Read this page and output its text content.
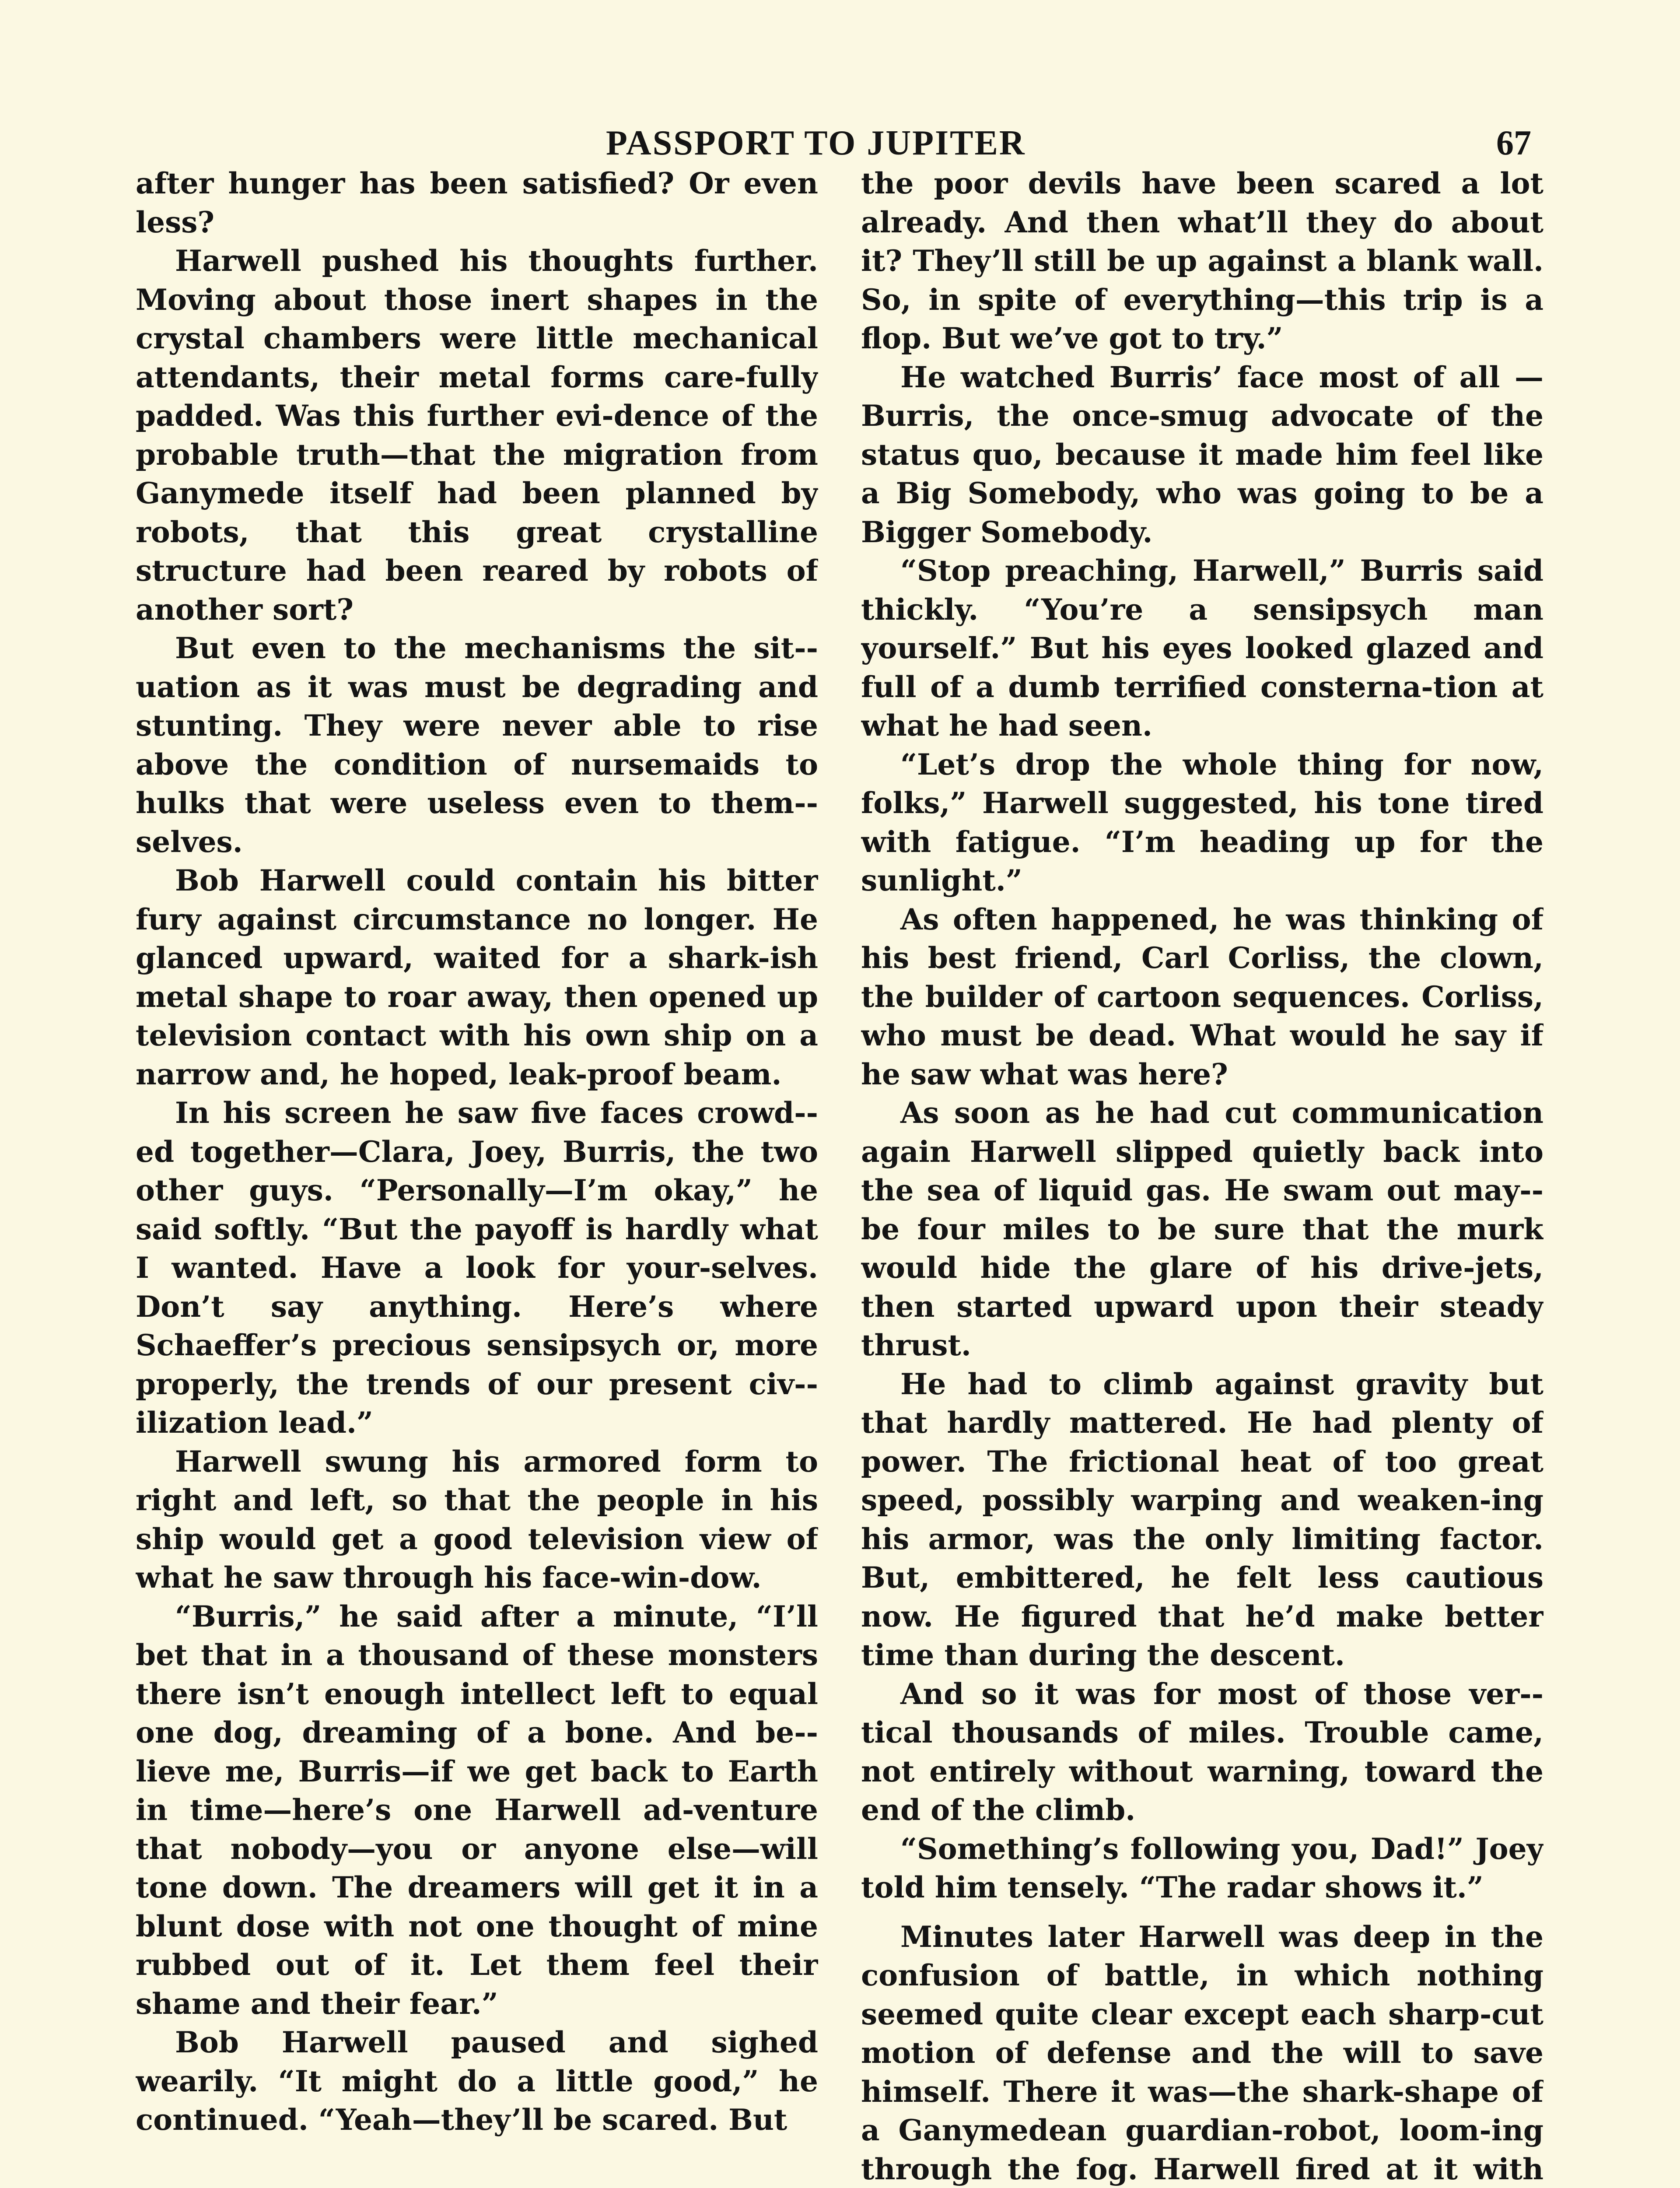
PASSPORT TO JUPITER	67

after hunger has been satisfied? Or even less?

Harwell pushed his thoughts further. Moving about those inert shapes in the crystal chambers were little mechanical attendants, their metal forms care-fully padded. Was this further evi-dence of the probable truth—that the migration from Ganymede itself had been planned by robots, that this great crystalline structure had been reared by robots of another sort?

But even to the mechanisms the sit-uation as it was must be degrading and stunting. They were never able to rise above the condition of nursemaids to hulks that were useless even to them-selves.

Bob Harwell could contain his bitter fury against circumstance no longer. He glanced upward, waited for a shark-ish metal shape to roar away, then opened up television contact with his own ship on a narrow and, he hoped, leak-proof beam.

In his screen he saw five faces crowd-ed together—Clara, Joey, Burris, the two other guys. “Personally—I’m okay,” he said softly. “But the payoff is hardly what I wanted. Have a look for your-selves. Don’t say anything. Here’s where Schaeffer’s precious sensipsych or, more properly, the trends of our present civ-ilization lead.”

Harwell swung his armored form to right and left, so that the people in his ship would get a good television view of what he saw through his face-win-dow.

“Burris,” he said after a minute, “I’ll bet that in a thousand of these monsters there isn’t enough intellect left to equal one dog, dreaming of a bone. And be-lieve me, Burris—if we get back to Earth in time—here’s one Harwell ad-venture that nobody—you or anyone else—will tone down. The dreamers will get it in a blunt dose with not one thought of mine rubbed out of it. Let them feel their shame and their fear.”

Bob Harwell paused and sighed wearily. “It might do a little good,” he continued. “Yeah—they’ll be scared. But

the poor devils have been scared a lot already. And then what’ll they do about it? They’ll still be up against a blank wall. So, in spite of everything—this trip is a flop. But we’ve got to try.”

He watched Burris’ face most of all —Burris, the once-smug advocate of the status quo, because it made him feel like a Big Somebody, who was going to be a Bigger Somebody.

“Stop preaching, Harwell,” Burris said thickly. “You’re a sensipsych man yourself.” But his eyes looked glazed and full of a dumb terrified consterna-tion at what he had seen.

“Let’s drop the whole thing for now, folks,” Harwell suggested, his tone tired with fatigue. “I’m heading up for the sunlight.”

As often happened, he was thinking of his best friend, Carl Corliss, the clown, the builder of cartoon sequences. Corliss, who must be dead. What would he say if he saw what was here?

As soon as he had cut communication again Harwell slipped quietly back into the sea of liquid gas. He swam out may-be four miles to be sure that the murk would hide the glare of his drive-jets, then started upward upon their steady thrust.

He had to climb against gravity but that hardly mattered. He had plenty of power. The frictional heat of too great speed, possibly warping and weaken-ing his armor, was the only limiting factor. But, embittered, he felt less cautious now. He figured that he’d make better time than during the descent.

And so it was for most of those ver-tical thousands of miles. Trouble came, not entirely without warning, toward the end of the climb.

“Something’s following you, Dad!” Joey told him tensely. “The radar shows it.”

Minutes later Harwell was deep in the confusion of battle, in which nothing seemed quite clear except each sharp-cut motion of defense and the will to save himself. There it was—the shark-shape of a Ganymedean guardian-robot, loom-ing through the fog. Harwell fired at it with
